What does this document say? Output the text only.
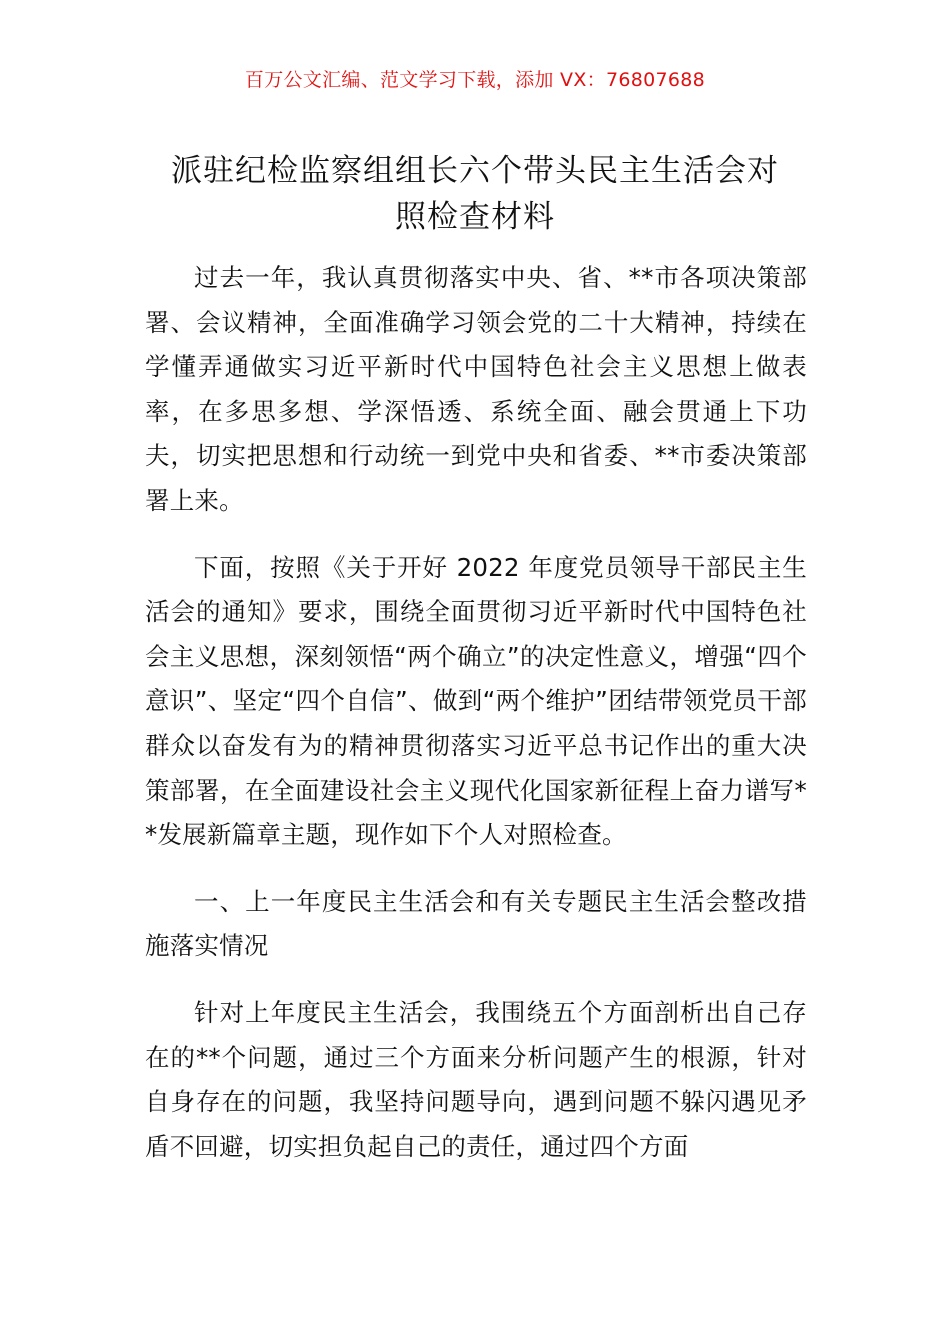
百万公文汇编、范文学习下载，添加 VX：76807688
派驻纪检监察组组长六个带头民主生活会对
照检查材料

过去一年，我认真贯彻落实中央、省、**市各项决策部署、会议精神，全面准确学习领会党的二十大精神，持续在学懂弄通做实习近平新时代中国特色社会主义思想上做表率，在多思多想、学深悟透、系统全面、融会贯通上下功夫，切实把思想和行动统一到党中央和省委、**市委决策部署上来。

下面，按照《关于开好 2022 年度党员领导干部民主生活会的通知》要求，围绕全面贯彻习近平新时代中国特色社会主义思想，深刻领悟“两个确立”的决定性意义，增强“四个意识”、坚定“四个自信”、做到“两个维护”团结带领党员干部群众以奋发有为的精神贯彻落实习近平总书记作出的重大决策部署，在全面建设社会主义现代化国家新征程上奋力谱写**发展新篇章主题，现作如下个人对照检查。

一、上一年度民主生活会和有关专题民主生活会整改措施落实情况

针对上年度民主生活会，我围绕五个方面剖析出自己存在的**个问题，通过三个方面来分析问题产生的根源，针对自身存在的问题，我坚持问题导向，遇到问题不躲闪遇见矛盾不回避，切实担负起自己的责任，通过四个方面
